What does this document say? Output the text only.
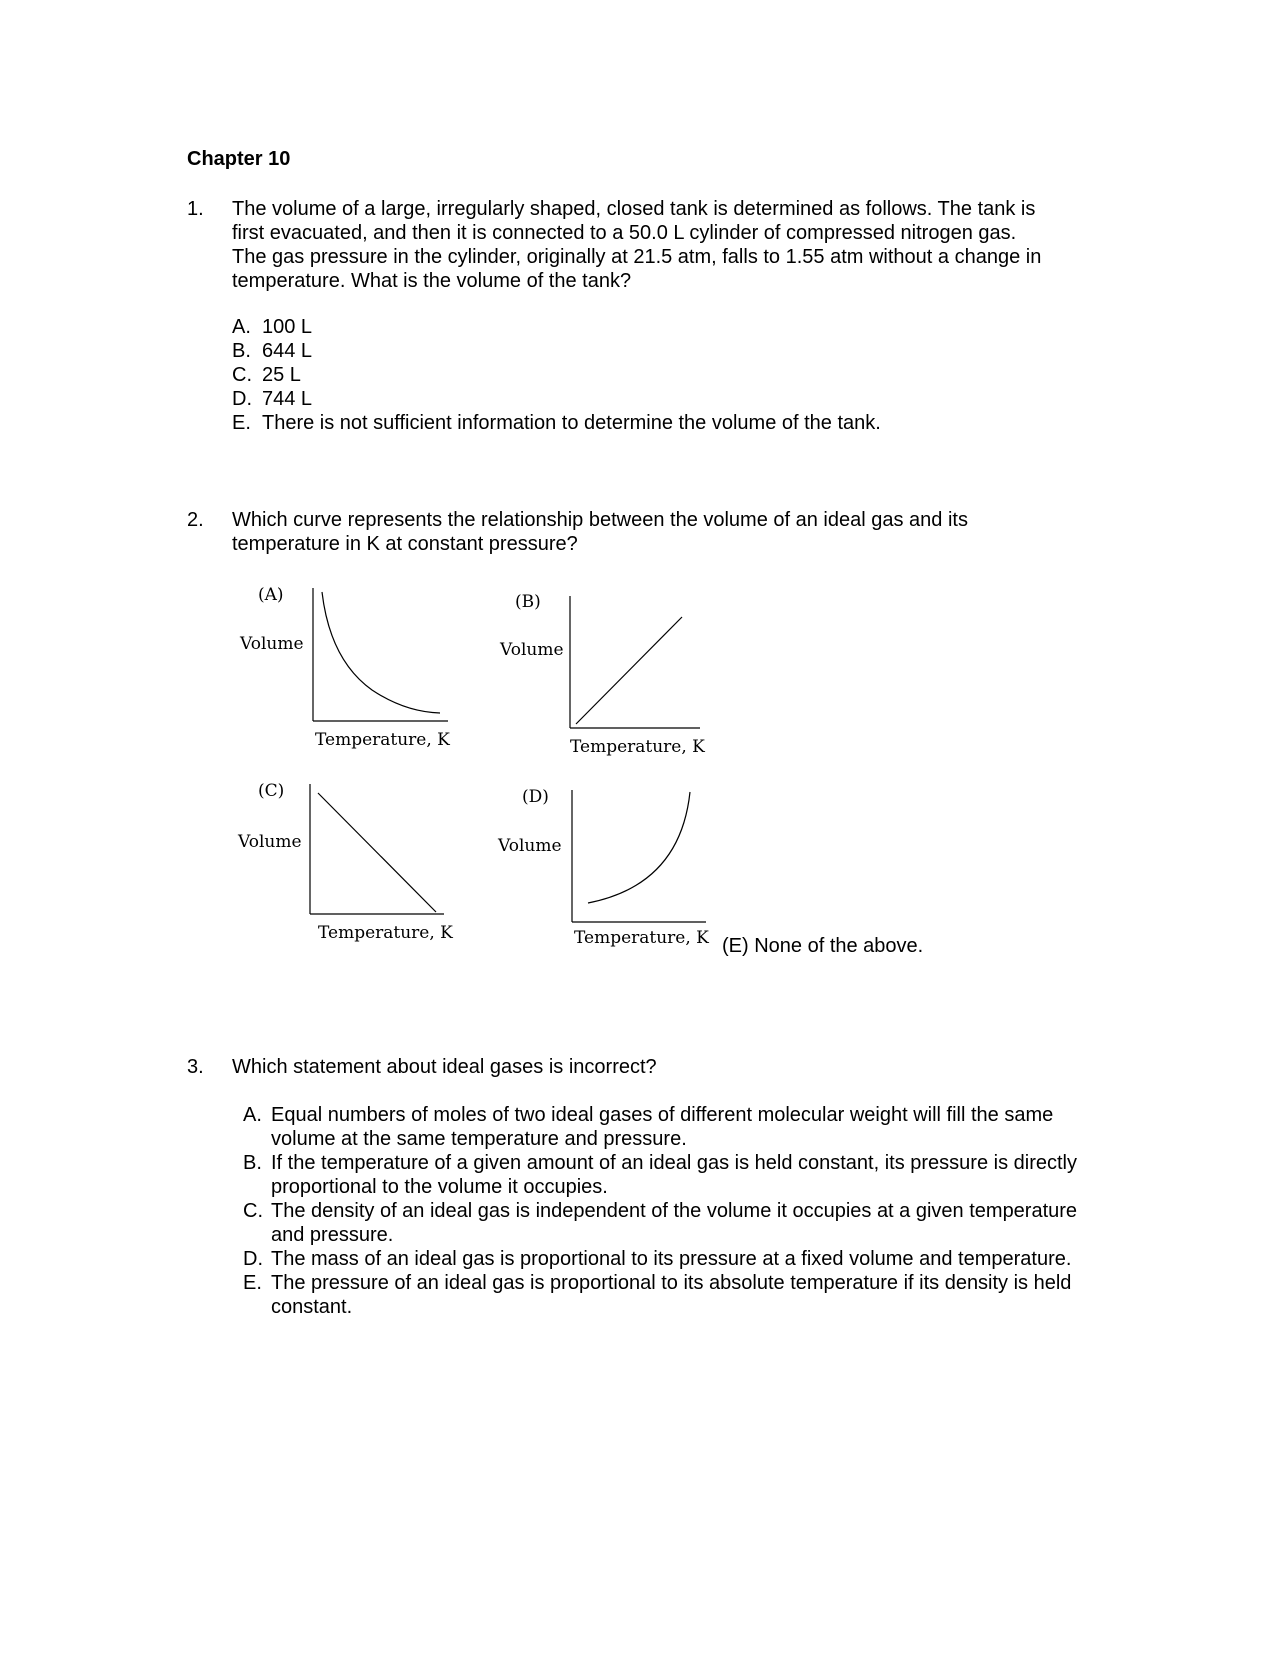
Chapter 10
1. The volume of a large, irregularly shaped, closed tank is determined as follows. The tank is
first evacuated, and then it is connected to a 50.0 L cylinder of compressed nitrogen gas.
The gas pressure in the cylinder, originally at 21.5 atm, falls to 1.55 atm without a change in
temperature. What is the volume of the tank?
A. 100 L
B. 644 L
C. 25 L
D. 744 L
E. There is not sufficient information to determine the volume of the tank.
2. Which curve represents the relationship between the volume of an ideal gas and its
temperature in K at constant pressure?
(A)
Volume
Temperature, K
(B)
Volume
Temperature, K
(C)
Volume
Temperature, K
(D)
Volume
Temperature, K (E) None of the above.
3. Which statement about ideal gases is incorrect?
A. Equal numbers of moles of two ideal gases of different molecular weight will fill the same volume at the same temperature and pressure.
B. If the temperature of a given amount of an ideal gas is held constant, its pressure is directly proportional to the volume it occupies.
C. The density of an ideal gas is independent of the volume it occupies at a given temperature and pressure.
D. The mass of an ideal gas is proportional to its pressure at a fixed volume and temperature.
E. The pressure of an ideal gas is proportional to its absolute temperature if its density is held constant.
